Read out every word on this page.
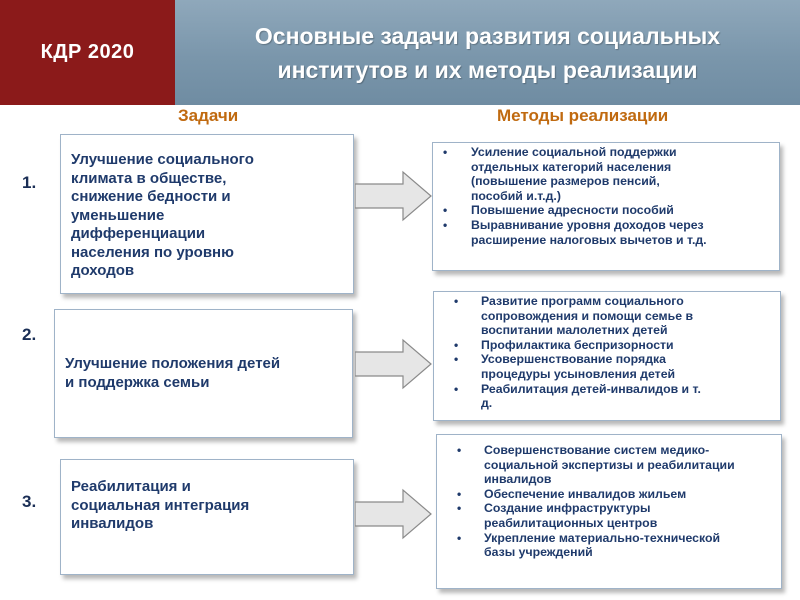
КДР 2020
Основные задачи развития социальных
институтов и их методы реализации
Задачи	Методы реализации
1.
Улучшение социального
климата в обществе,
снижение бедности и
уменьшение
дифференциации
населения по уровню
доходов
• Усиление социальной поддержки
отдельных категорий населения
(повышение размеров пенсий,
пособий и.т.д.)
• Повышение адресности пособий
• Выравнивание уровня доходов через
расширение налоговых вычетов и т.д.
2.
Улучшение положения детей
и поддержка семьи
• Развитие программ социального
сопровождения и помощи семье в
воспитании малолетних детей
• Профилактика беспризорности
• Усовершенствование порядка
процедуры усыновления детей
• Реабилитация детей-инвалидов и т.
д.
3.
Реабилитация и
социальная интеграция
инвалидов
• Совершенствование систем медико-
социальной экспертизы и реабилитации
инвалидов
• Обеспечение инвалидов жильем
• Создание инфраструктуры
реабилитационных центров
• Укрепление материально-технической
базы учреждений
